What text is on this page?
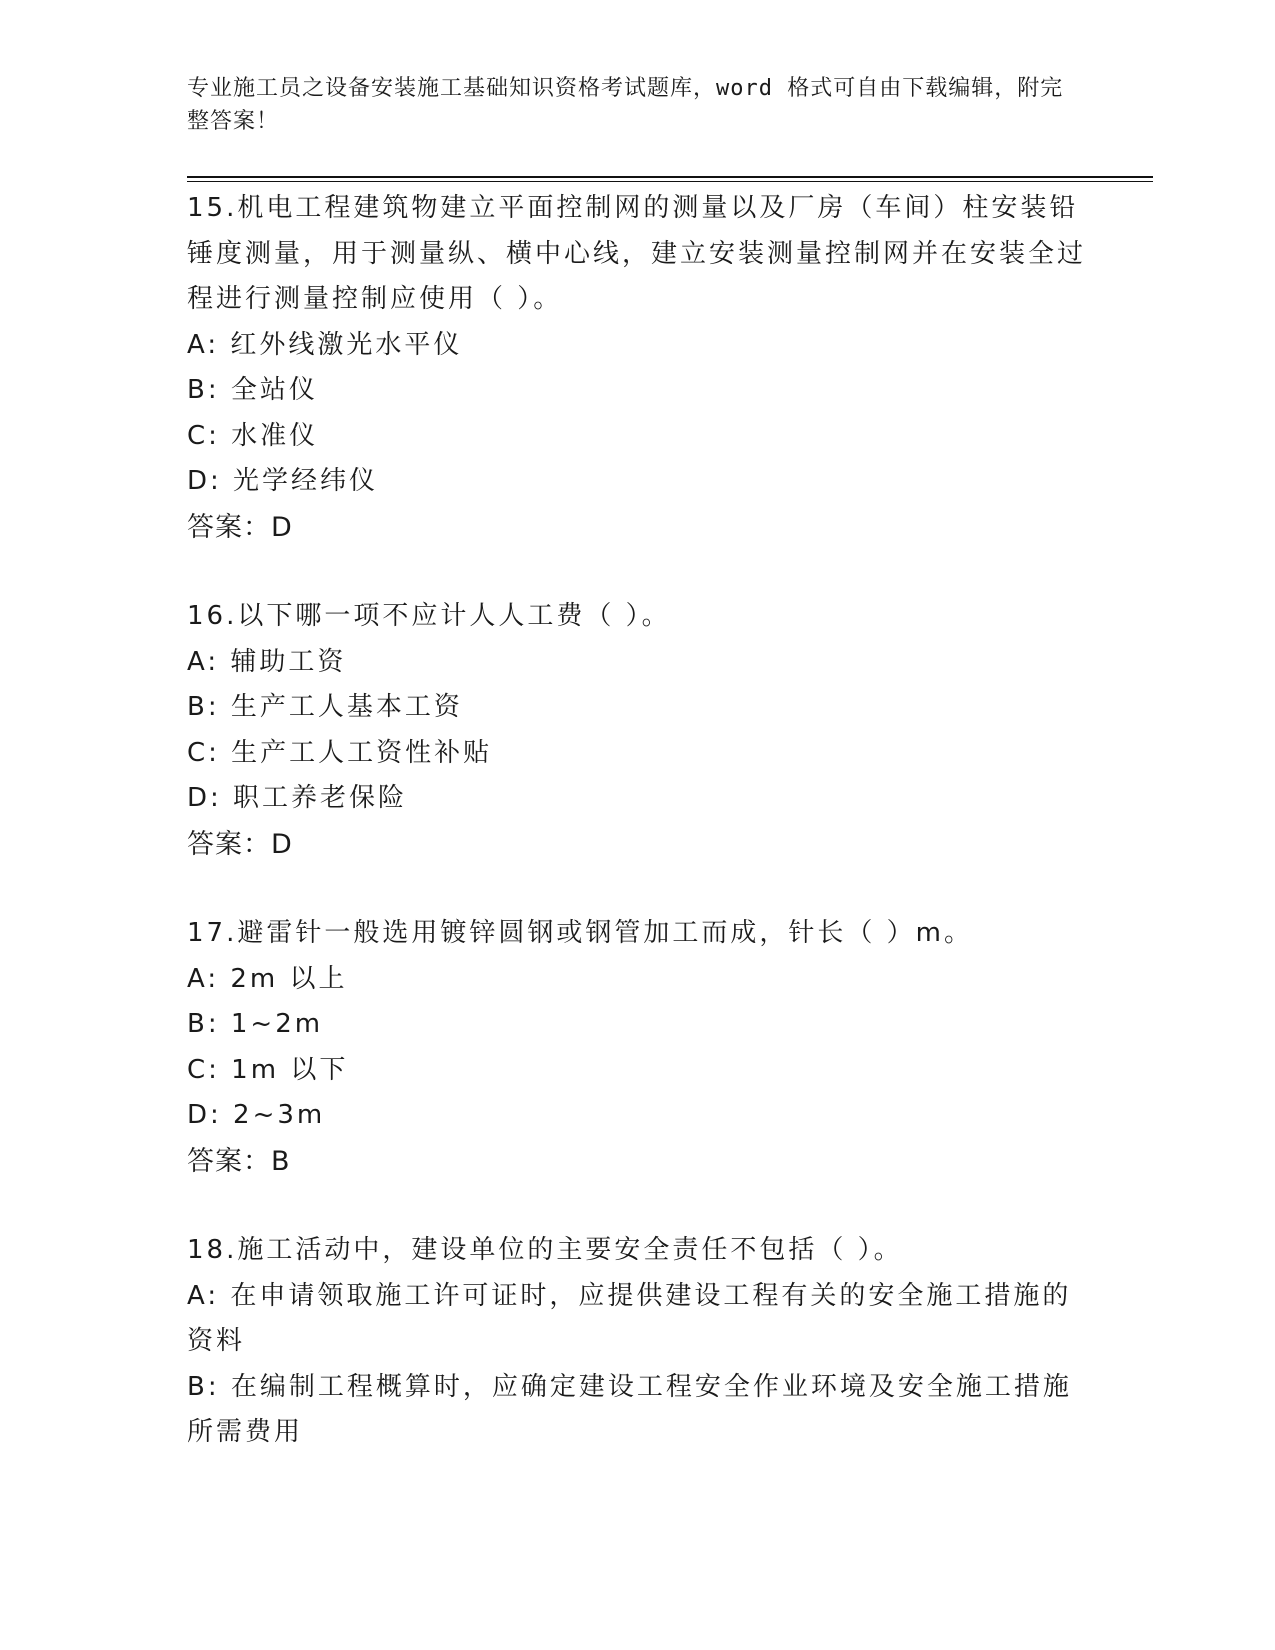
专业施工员之设备安装施工基础知识资格考试题库，word 格式可自由下载编辑，附完整答案！
15.机电工程建筑物建立平面控制网的测量以及厂房（车间）柱安装铅锤度测量，用于测量纵、横中心线，建立安装测量控制网并在安装全过程进行测量控制应使用（ ）。
A: 红外线激光水平仪
B: 全站仪
C: 水准仪
D: 光学经纬仪
答案：D
16.以下哪一项不应计人人工费（ ）。
A: 辅助工资
B: 生产工人基本工资
C: 生产工人工资性补贴
D: 职工养老保险
答案：D
17.避雷针一般选用镀锌圆钢或钢管加工而成，针长（ ）m。
A: 2m 以上
B: 1~2m
C: 1m 以下
D: 2~3m
答案：B
18.施工活动中，建设单位的主要安全责任不包括（ ）。
A: 在申请领取施工许可证时，应提供建设工程有关的安全施工措施的资料
B: 在编制工程概算时，应确定建设工程安全作业环境及安全施工措施所需费用
